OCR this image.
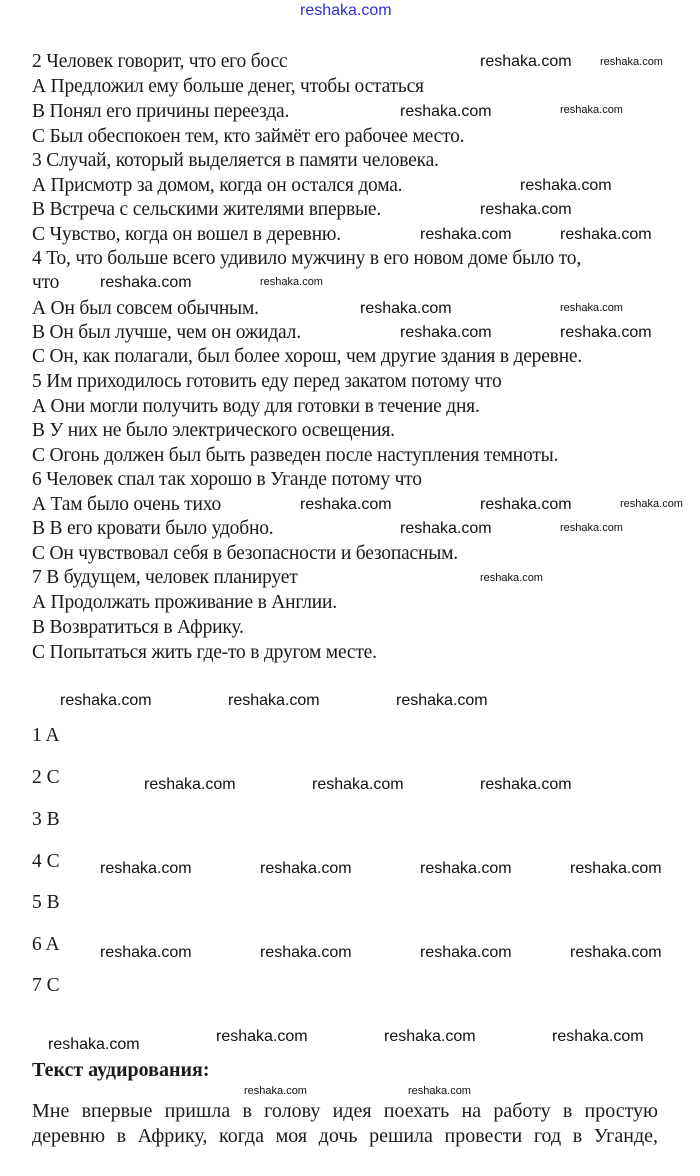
reshaka.com
2 Человек говорит, что его босс
А Предложил ему больше денег, чтобы остаться
В Понял его причины переезда.
С Был обеспокоен тем, кто займёт его рабочее место.
3 Случай, который выделяется в памяти человека.
А Присмотр за домом, когда он остался дома.
В Встреча с сельскими жителями впервые.
С Чувство, когда он вошел в деревню.
4 То, что больше всего удивило мужчину в его новом доме было то,
что
А Он был совсем обычным.
В Он был лучше, чем он ожидал.
С Он, как полагали, был более хорош, чем другие здания в деревне.
5 Им приходилось готовить еду перед закатом потому что
А Они могли получить воду для готовки в течение дня.
В У них не было электрического освещения.
С Огонь должен был быть разведен после наступления темноты.
6 Человек спал так хорошо в Уганде потому что
А Там было очень тихо
В В его кровати было удобно.
С Он чувствовал себя в безопасности и безопасным.
7 В будущем, человек планирует
А Продолжать проживание в Англии.
В Возвратиться в Африку.
С Попытаться жить где-то в другом месте.
1 A
2 C
3 B
4 C
5 B
6 A
7 C
Текст аудирования:
Мне впервые пришла в голову идея поехать на работу в простую деревню в Африку, когда моя дочь решила провести год в Уганде,
reshaka.com
reshaka.com
reshaka.com
reshaka.com
reshaka.com	reshaka.com
reshaka.com
reshaka.com
reshaka.com	reshaka.com
reshaka.com	reshaka.com
reshaka.com
reshaka.com	reshaka.com	reshaka.com
reshaka.com	reshaka.com	reshaka.com
reshaka.com	reshaka.com	reshaka.com	reshaka.com
reshaka.com	reshaka.com	reshaka.com	reshaka.com
reshaka.com	reshaka.com	reshaka.com	reshaka.com
reshaka.com
reshaka.com
reshaka.com
reshaka.com
reshaka.com
reshaka.com
reshaka.com
reshaka.com	reshaka.com
